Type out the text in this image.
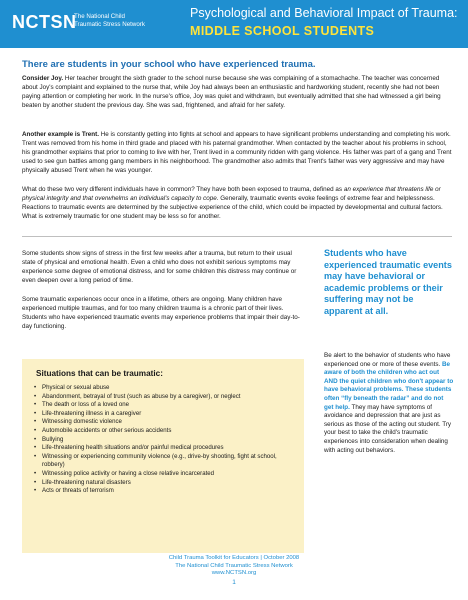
NCTSN
The National Child
Traumatic Stress Network
Psychological and Behavioral Impact of Trauma:
MIDDLE SCHOOL STUDENTS
There are students in your school who have experienced trauma.

Consider Joy. Her teacher brought the sixth grader to the school nurse because she was complaining of a stomachache. The teacher was concerned about Joy's complaint and explained to the nurse that, while Joy had always been an enthusiastic and hardworking student, recently she had not been paying attention or completing her work. In the nurse's office, Joy was quiet and withdrawn, but eventually admitted that she had witnessed a girl being beaten by another student the previous day. She was sad, frightened, and afraid for her safety.

Another example is Trent. He is constantly getting into fights at school and appears to have significant problems understanding and completing his work. Trent was removed from his home in third grade and placed with his paternal grandmother. When contacted by the teacher about his problems in school, his grandmother explains that prior to coming to live with her, Trent lived in a community ridden with gang violence. His father was part of a gang and Trent used to see gun battles among gang members in his neighborhood. The grandmother also admits that Trent's father was very aggressive and may have physically abused Trent when he was younger.

What do these two very different individuals have in common? They have both been exposed to trauma, defined as an experience that threatens life or physical integrity and that overwhelms an individual's capacity to cope. Generally, traumatic events evoke feelings of extreme fear and helplessness. Reactions to traumatic events are determined by the subjective experience of the child, which could be impacted by developmental and cultural factors. What is extremely traumatic for one student may be less so for another.

Some students show signs of stress in the first few weeks after a trauma, but return to their usual state of physical and emotional health. Even a child who does not exhibit serious symptoms may experience some degree of emotional distress, and for some children this distress may continue or even deepen over a long period of time.

Some traumatic experiences occur once in a lifetime, others are ongoing. Many children have experienced multiple traumas, and for too many children trauma is a chronic part of their lives. Students who have experienced traumatic events may experience problems that impair their day-to-day functioning.

Students who have experienced traumatic events may have behavioral or academic problems or their suffering may not be apparent at all.
Situations that can be traumatic:
• Physical or sexual abuse
• Abandonment, betrayal of trust (such as abuse by a caregiver), or neglect
• The death or loss of a loved one
• Life-threatening illness in a caregiver
• Witnessing domestic violence
• Automobile accidents or other serious accidents
• Bullying
• Life-threatening health situations and/or painful medical procedures
• Witnessing or experiencing community violence (e.g., drive-by shooting, fight at school, robbery)
• Witnessing police activity or having a close relative incarcerated
• Life-threatening natural disasters
• Acts or threats of terrorism

Be alert to the behavior of students who have experienced one or more of these events. Be aware of both the children who act out AND the quiet children who don't appear to have behavioral problems. These students often “fly beneath the radar” and do not get help. They may have symptoms of avoidance and depression that are just as serious as those of the acting out student. Try your best to take the child's traumatic experiences into consideration when dealing with acting out behaviors.

Child Trauma Toolkit for Educators | October 2008
The National Child Traumatic Stress Network
www.NCTSN.org
1
